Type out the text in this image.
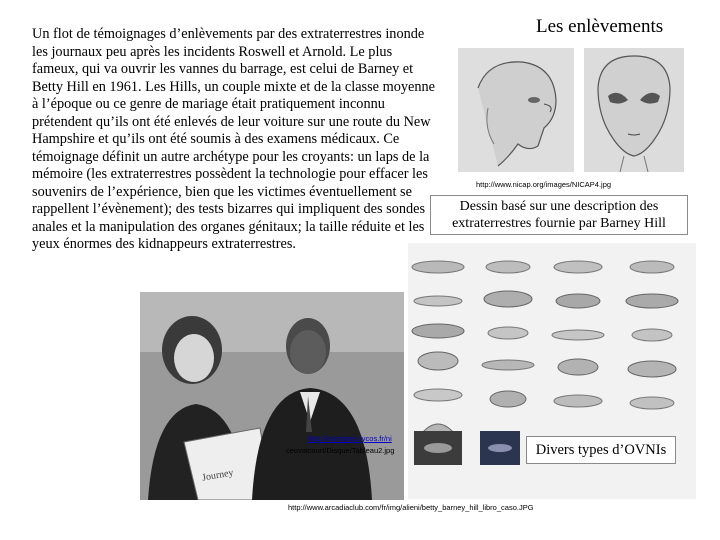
Les enlèvements
Un flot de témoignages d’enlèvements par des extraterrestres inonde les journaux peu après les incidents Roswell et Arnold. Le plus fameux, qui va ouvrir les vannes du barrage, est celui de Barney et Betty Hill en 1961. Les Hills, un couple mixte et de la classe moyenne à l’époque ou ce genre de mariage était pratiquement inconnu prétendent qu’ils ont été enlevés de leur voiture sur une route du New Hampshire et qu’ils ont été soumis à des examens médicaux. Ce témoignage définit un autre archétype pour les croyants: un laps de la mémoire (les extraterrestres possèdent la technologie pour effacer les souvenirs de l’expérience, bien que les victimes éventuellement se rappellent l’évènement); des tests bizarres qui impliquent des sondes anales et la manipulation des organes génitaux; la taille réduite et les yeux énormes des kidnappeurs extraterrestres.
http://www.nicap.org/images/NICAP4.jpg
Dessin basé sur une description des extraterrestres fournie par Barney Hill
Divers types d’OVNIs
Journey
http://membres.lycos.fr/ni
ceovalcourt/Disque/Tableau2.jpg
http://www.arcadiaclub.com/fr/img/alieni/betty_barney_hill_libro_caso.JPG
